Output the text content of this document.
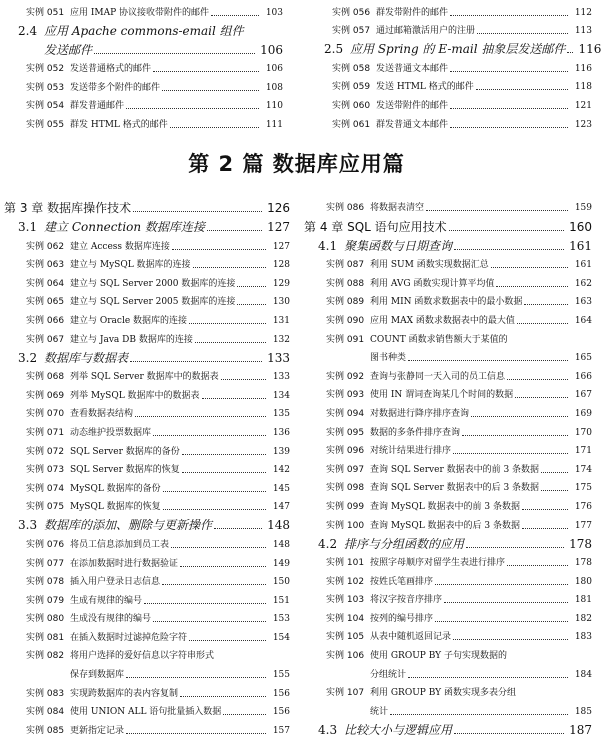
实例 051 应用 IMAP 协议接收带附件的邮件	103
2.4 应用 Apache commons-email 组件
发送邮件	106
实例 052 发送普通格式的邮件	106
实例 053 发送带多个附件的邮件	108
实例 054 群发普通邮件	110
实例 055 群发 HTML 格式的邮件	111
实例 056 群发带附件的邮件	112
实例 057 通过邮箱激活用户的注册	113
2.5 应用 Spring 的 E-mail 抽象层发送邮件 116
实例 058 发送普通文本邮件	116
实例 059 发送 HTML 格式的邮件	118
实例 060 发送带附件的邮件	121
实例 061 群发普通文本邮件	123
第 2 篇 数据库应用篇
第 3 章 数据库操作技术	126
3.1 建立 Connection 数据库连接	127
实例 062 建立 Access 数据库连接	127
实例 063 建立与 MySQL 数据库的连接	128
实例 064 建立与 SQL Server 2000 数据库的连接	129
实例 065 建立与 SQL Server 2005 数据库的连接	130
实例 066 建立与 Oracle 数据库的连接	131
实例 067 建立与 Java DB 数据库的连接	132
3.2 数据库与数据表	133
实例 068 列举 SQL Server 数据库中的数据表	133
实例 069 列举 MySQL 数据库中的数据表	134
实例 070 查看数据表结构	135
实例 071 动态维护投票数据库	136
实例 072 SQL Server 数据库的备份	139
实例 073 SQL Server 数据库的恢复	142
实例 074 MySQL 数据库的备份	145
实例 075 MySQL 数据库的恢复	147
3.3 数据库的添加、删除与更新操作	148
实例 076 将员工信息添加到员工表	148
实例 077 在添加数据时进行数据验证	149
实例 078 插入用户登录日志信息	150
实例 079 生成有规律的编号	151
实例 080 生成没有规律的编号	153
实例 081 在插入数据时过滤掉危险字符	154
实例 082 将用户选择的爱好信息以字符串形式
保存到数据库	155
实例 083 实现跨数据库的表内容复制	156
实例 084 使用 UNION ALL 语句批量插入数据	156
实例 085 更新指定记录	157
实例 086 将数据表清空	159
第 4 章 SQL 语句应用技术	160
4.1 聚集函数与日期查询	161
实例 087 利用 SUM 函数实现数据汇总	161
实例 088 利用 AVG 函数实现计算平均值	162
实例 089 利用 MIN 函数求数据表中的最小数据	163
实例 090 应用 MAX 函数求数据表中的最大值	164
实例 091 COUNT 函数求销售额大于某值的
图书种类	165
实例 092 查询与张静同一天入司的员工信息	166
实例 093 使用 IN 谓词查询某几个时间的数据	167
实例 094 对数据进行降序排序查询	169
实例 095 数据的多条件排序查询	170
实例 096 对统计结果进行排序	171
实例 097 查询 SQL Server 数据表中的前 3 条数据	174
实例 098 查询 SQL Server 数据表中的后 3 条数据	175
实例 099 查询 MySQL 数据表中的前 3 条数据	176
实例 100 查询 MySQL 数据表中的后 3 条数据	177
4.2 排序与分组函数的应用	178
实例 101 按照字母顺序对留学生表进行排序	178
实例 102 按姓氏笔画排序	180
实例 103 将汉字按音序排序	181
实例 104 按列的编号排序	182
实例 105 从表中随机返回记录	183
实例 106 使用 GROUP BY 子句实现数据的
分组统计	184
实例 107 利用 GROUP BY 函数实现多表分组
统计	185
4.3 比较大小与逻辑应用	187
